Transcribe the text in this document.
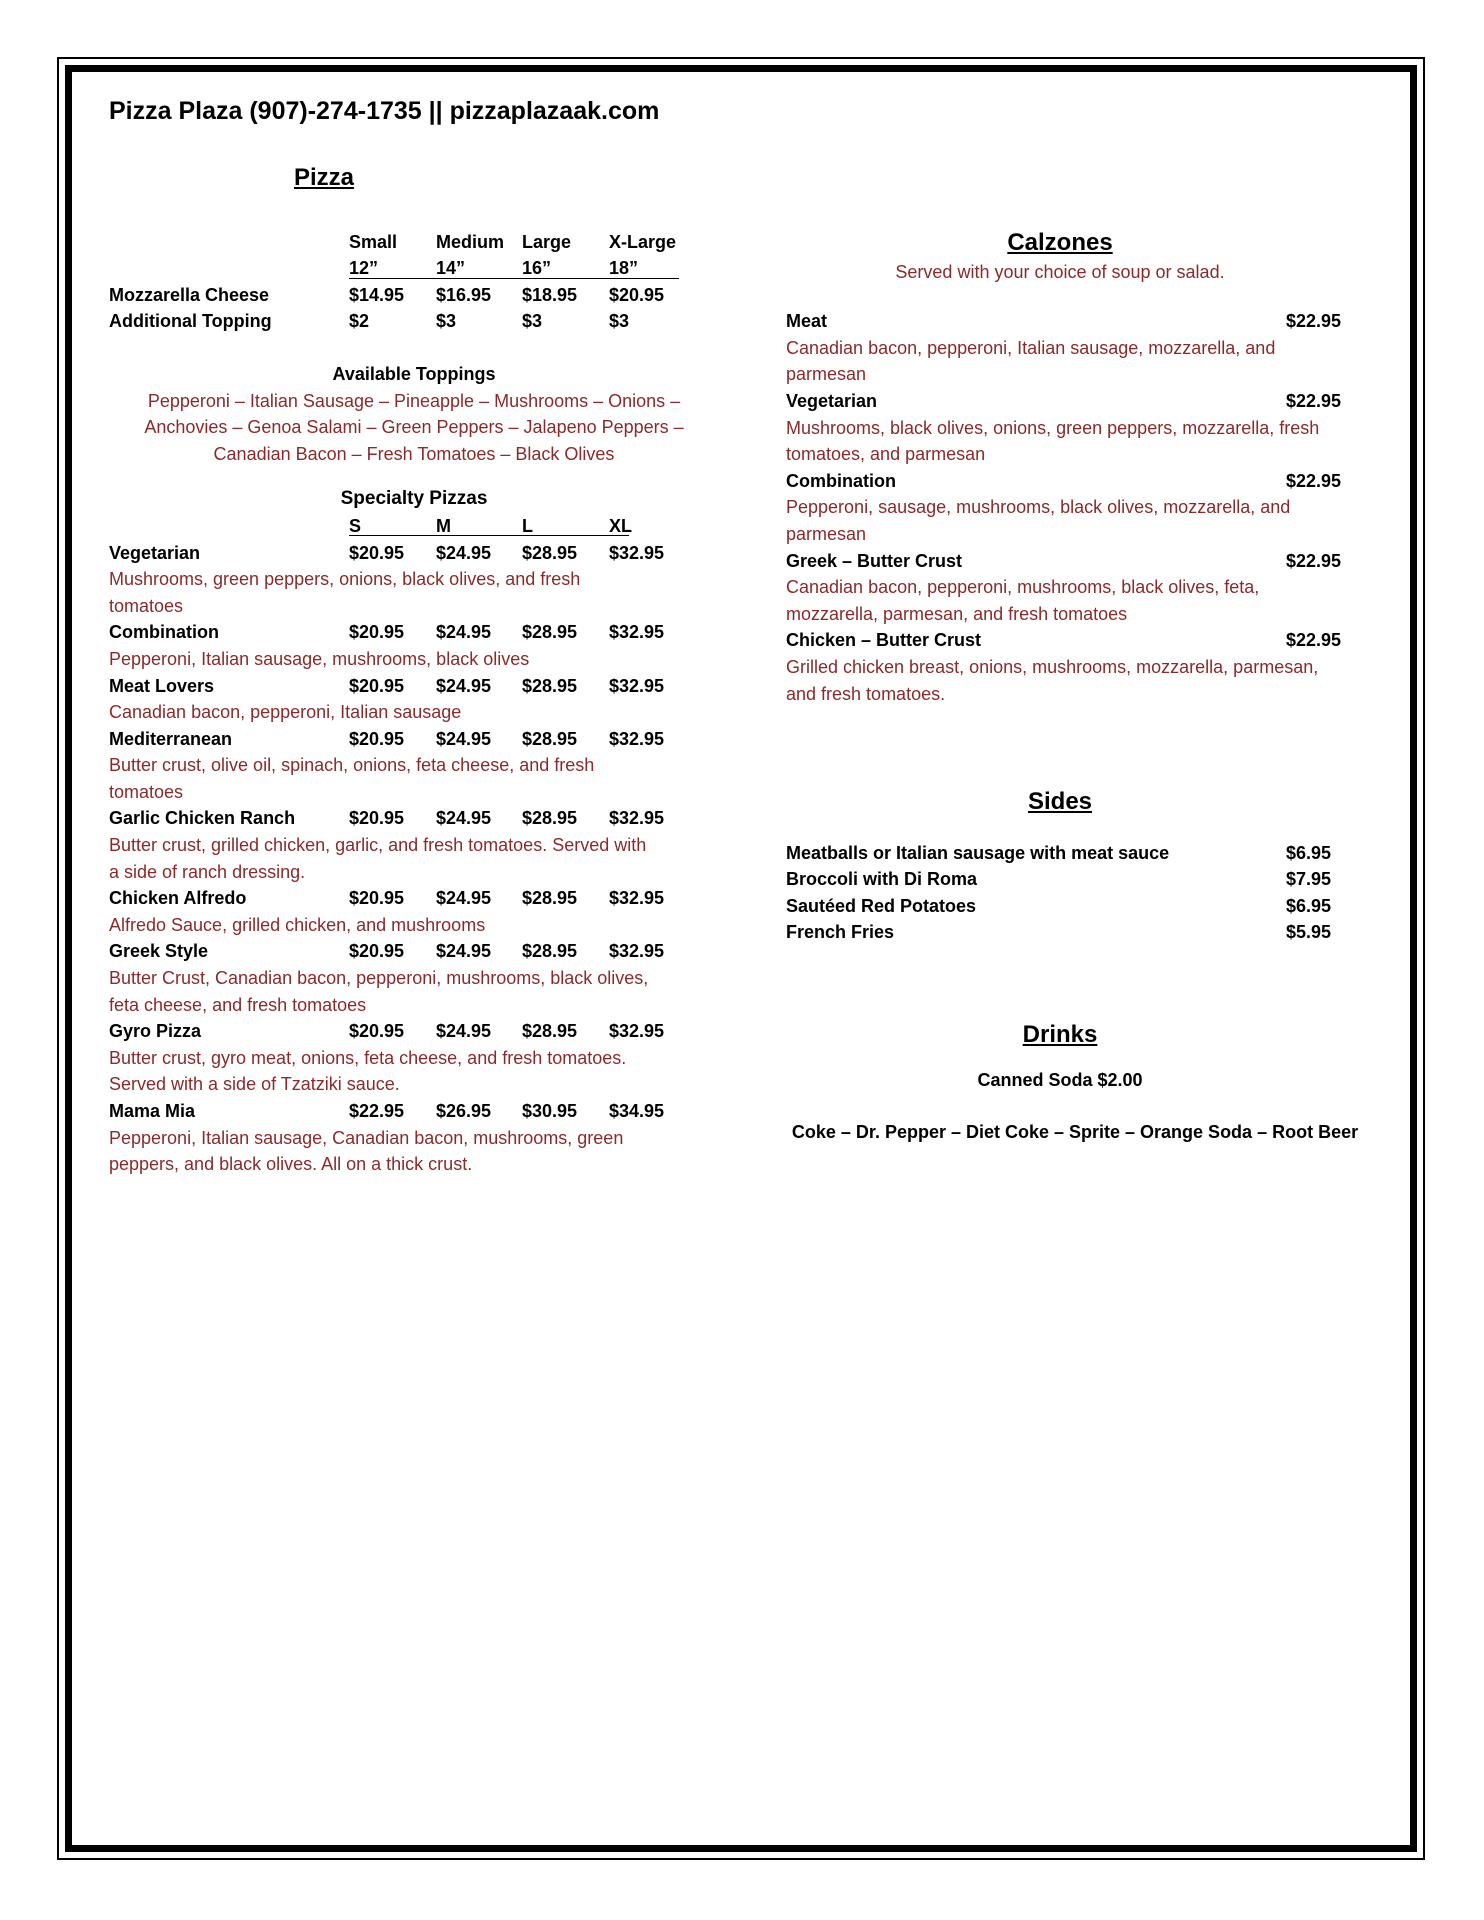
Pizza Plaza (907)-274-1735 || pizzaplazaak.com
Pizza
Small Medium Large X-Large
12”	14”	16”	18”
Mozzarella Cheese	$14.95 $16.95 $18.95 $20.95
Additional Topping	$2	$3	$3	$3
Available Toppings
Pepperoni – Italian Sausage – Pineapple – Mushrooms – Onions –
Anchovies – Genoa Salami – Green Peppers – Jalapeno Peppers –
Canadian Bacon – Fresh Tomatoes – Black Olives
Specialty Pizzas
S	M	L	XL
Vegetarian	$20.95 $24.95 $28.95 $32.95
Mushrooms, green peppers, onions, black olives, and fresh
tomatoes
Combination	$20.95 $24.95 $28.95 $32.95
Pepperoni, Italian sausage, mushrooms, black olives
Meat Lovers	$20.95 $24.95 $28.95 $32.95
Canadian bacon, pepperoni, Italian sausage
Mediterranean	$20.95 $24.95 $28.95 $32.95
Butter crust, olive oil, spinach, onions, feta cheese, and fresh
tomatoes
Garlic Chicken Ranch	$20.95 $24.95 $28.95 $32.95
Butter crust, grilled chicken, garlic, and fresh tomatoes. Served with
a side of ranch dressing.
Chicken Alfredo	$20.95 $24.95 $28.95 $32.95
Alfredo Sauce, grilled chicken, and mushrooms
Greek Style	$20.95 $24.95 $28.95 $32.95
Butter Crust, Canadian bacon, pepperoni, mushrooms, black olives,
feta cheese, and fresh tomatoes
Gyro Pizza	$20.95 $24.95 $28.95 $32.95
Butter crust, gyro meat, onions, feta cheese, and fresh tomatoes.
Served with a side of Tzatziki sauce.
Mama Mia	$22.95 $26.95 $30.95 $34.95
Pepperoni, Italian sausage, Canadian bacon, mushrooms, green
peppers, and black olives. All on a thick crust.
Calzones
Served with your choice of soup or salad.
Meat	$22.95
Canadian bacon, pepperoni, Italian sausage, mozzarella, and
parmesan
Vegetarian	$22.95
Mushrooms, black olives, onions, green peppers, mozzarella, fresh
tomatoes, and parmesan
Combination	$22.95
Pepperoni, sausage, mushrooms, black olives, mozzarella, and
parmesan
Greek – Butter Crust	$22.95
Canadian bacon, pepperoni, mushrooms, black olives, feta,
mozzarella, parmesan, and fresh tomatoes
Chicken – Butter Crust	$22.95
Grilled chicken breast, onions, mushrooms, mozzarella, parmesan,
and fresh tomatoes.
Sides
Meatballs or Italian sausage with meat sauce	$6.95
Broccoli with Di Roma	$7.95
Sautéed Red Potatoes	$6.95
French Fries	$5.95
Drinks
Canned Soda $2.00
Coke – Dr. Pepper – Diet Coke – Sprite – Orange Soda – Root Beer
